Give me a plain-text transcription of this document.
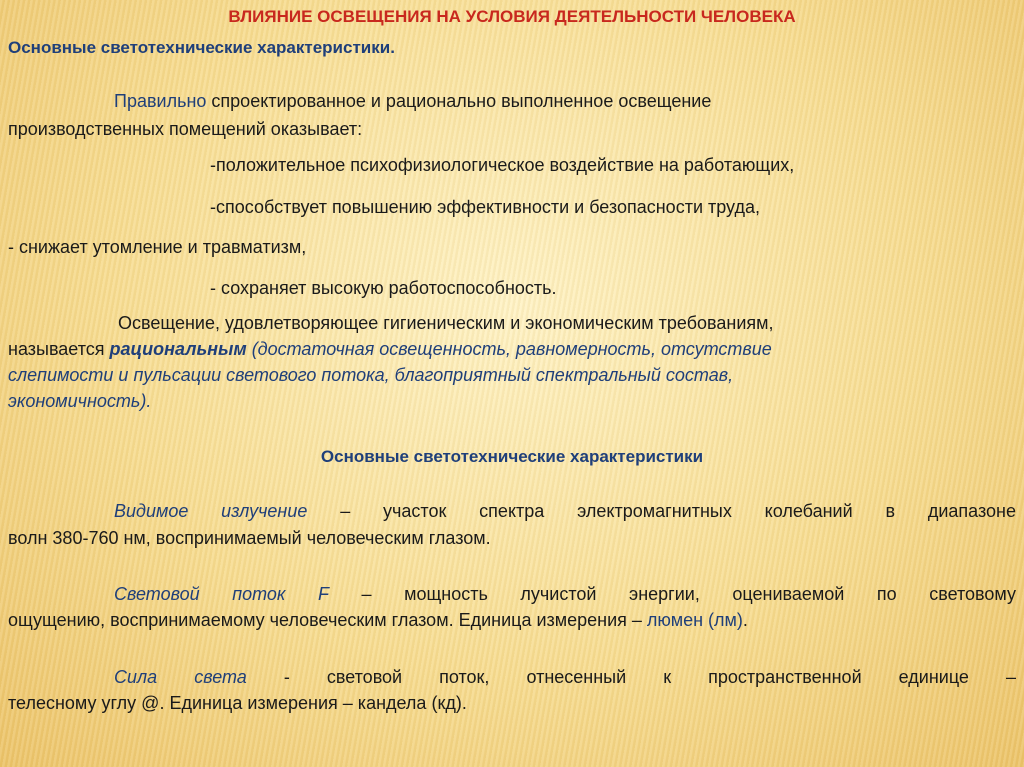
ВЛИЯНИЕ ОСВЕЩЕНИЯ НА УСЛОВИЯ ДЕЯТЕЛЬНОСТИ ЧЕЛОВЕКА
Основные светотехнические характеристики.
Правильно спроектированное и рационально выполненное освещение
производственных помещений оказывает:
-положительное психофизиологическое воздействие на работающих,
-способствует повышению эффективности и безопасности труда,
- снижает утомление и травматизм,
- сохраняет высокую работоспособность.
Освещение, удовлетворяющее гигиеническим и экономическим требованиям,
называется рациональным (достаточная освещенность, равномерность, отсутствие
слепимости и пульсации светового потока, благоприятный спектральный состав,
экономичность).
Основные светотехнические характеристики
Видимое излучение – участок спектра электромагнитных колебаний в диапазоне
волн 380-760 нм, воспринимаемый человеческим глазом.
Световой поток F – мощность лучистой энергии, оцениваемой по световому
ощущению, воспринимаемому человеческим глазом. Единица измерения – люмен (лм).
Сила света - световой поток, отнесенный к пространственной единице –
телесному углу @. Единица измерения – кандела (кд).
